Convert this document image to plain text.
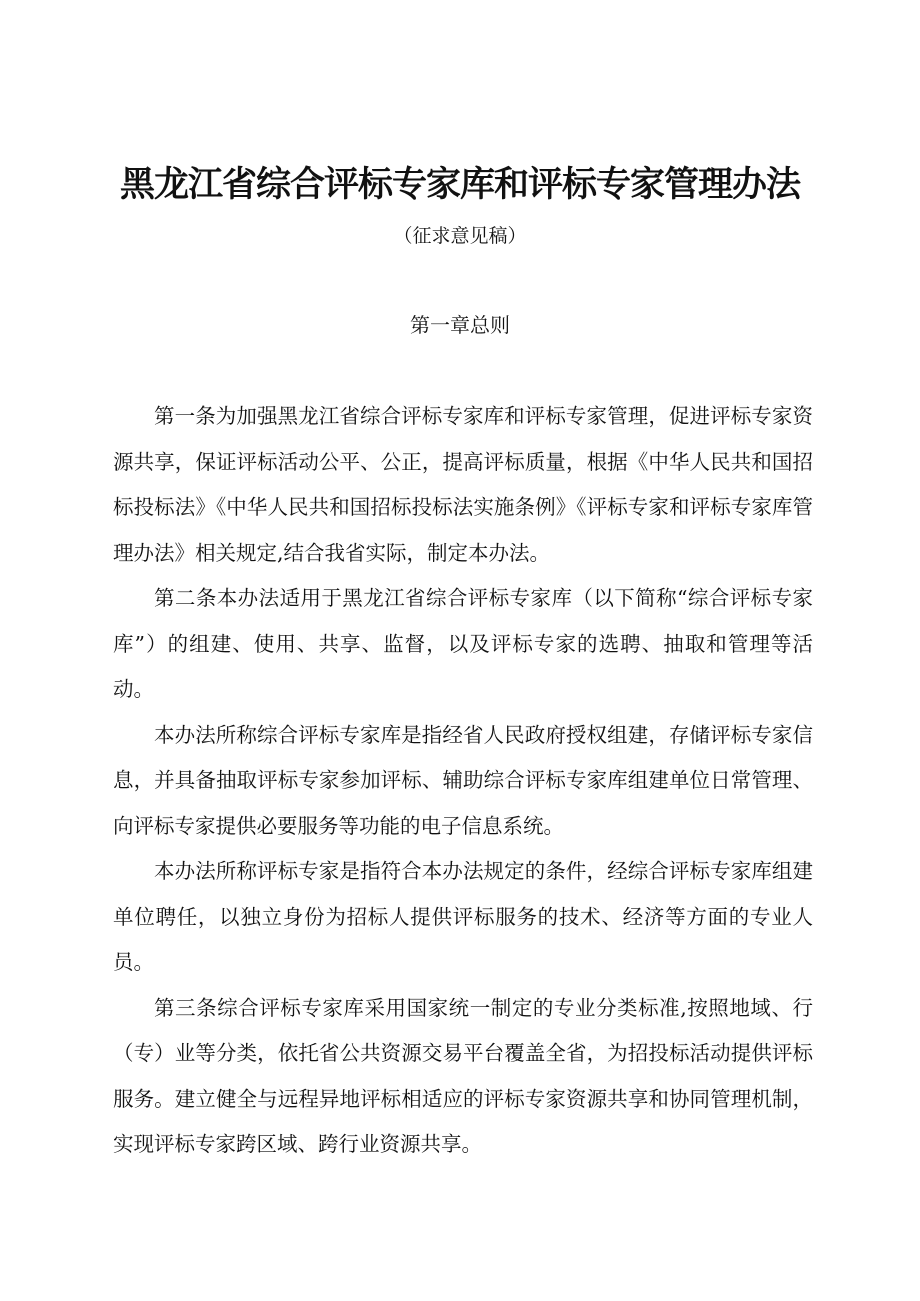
黑龙江省综合评标专家库和评标专家管理办法
（征求意见稿）
第一章总则

第一条为加强黑龙江省综合评标专家库和评标专家管理，促进评标专家资源共享，保证评标活动公平、公正，提高评标质量，根据《中华人民共和国招标投标法》《中华人民共和国招标投标法实施条例》《评标专家和评标专家库管理办法》相关规定,结合我省实际，制定本办法。

第二条本办法适用于黑龙江省综合评标专家库（以下简称“综合评标专家库”）的组建、使用、共享、监督，以及评标专家的选聘、抽取和管理等活动。

本办法所称综合评标专家库是指经省人民政府授权组建，存储评标专家信息，并具备抽取评标专家参加评标、辅助综合评标专家库组建单位日常管理、向评标专家提供必要服务等功能的电子信息系统。

本办法所称评标专家是指符合本办法规定的条件，经综合评标专家库组建单位聘任，以独立身份为招标人提供评标服务的技术、经济等方面的专业人员。

第三条综合评标专家库采用国家统一制定的专业分类标准,按照地域、行（专）业等分类，依托省公共资源交易平台覆盖全省，为招投标活动提供评标服务。建立健全与远程异地评标相适应的评标专家资源共享和协同管理机制，实现评标专家跨区域、跨行业资源共享。
